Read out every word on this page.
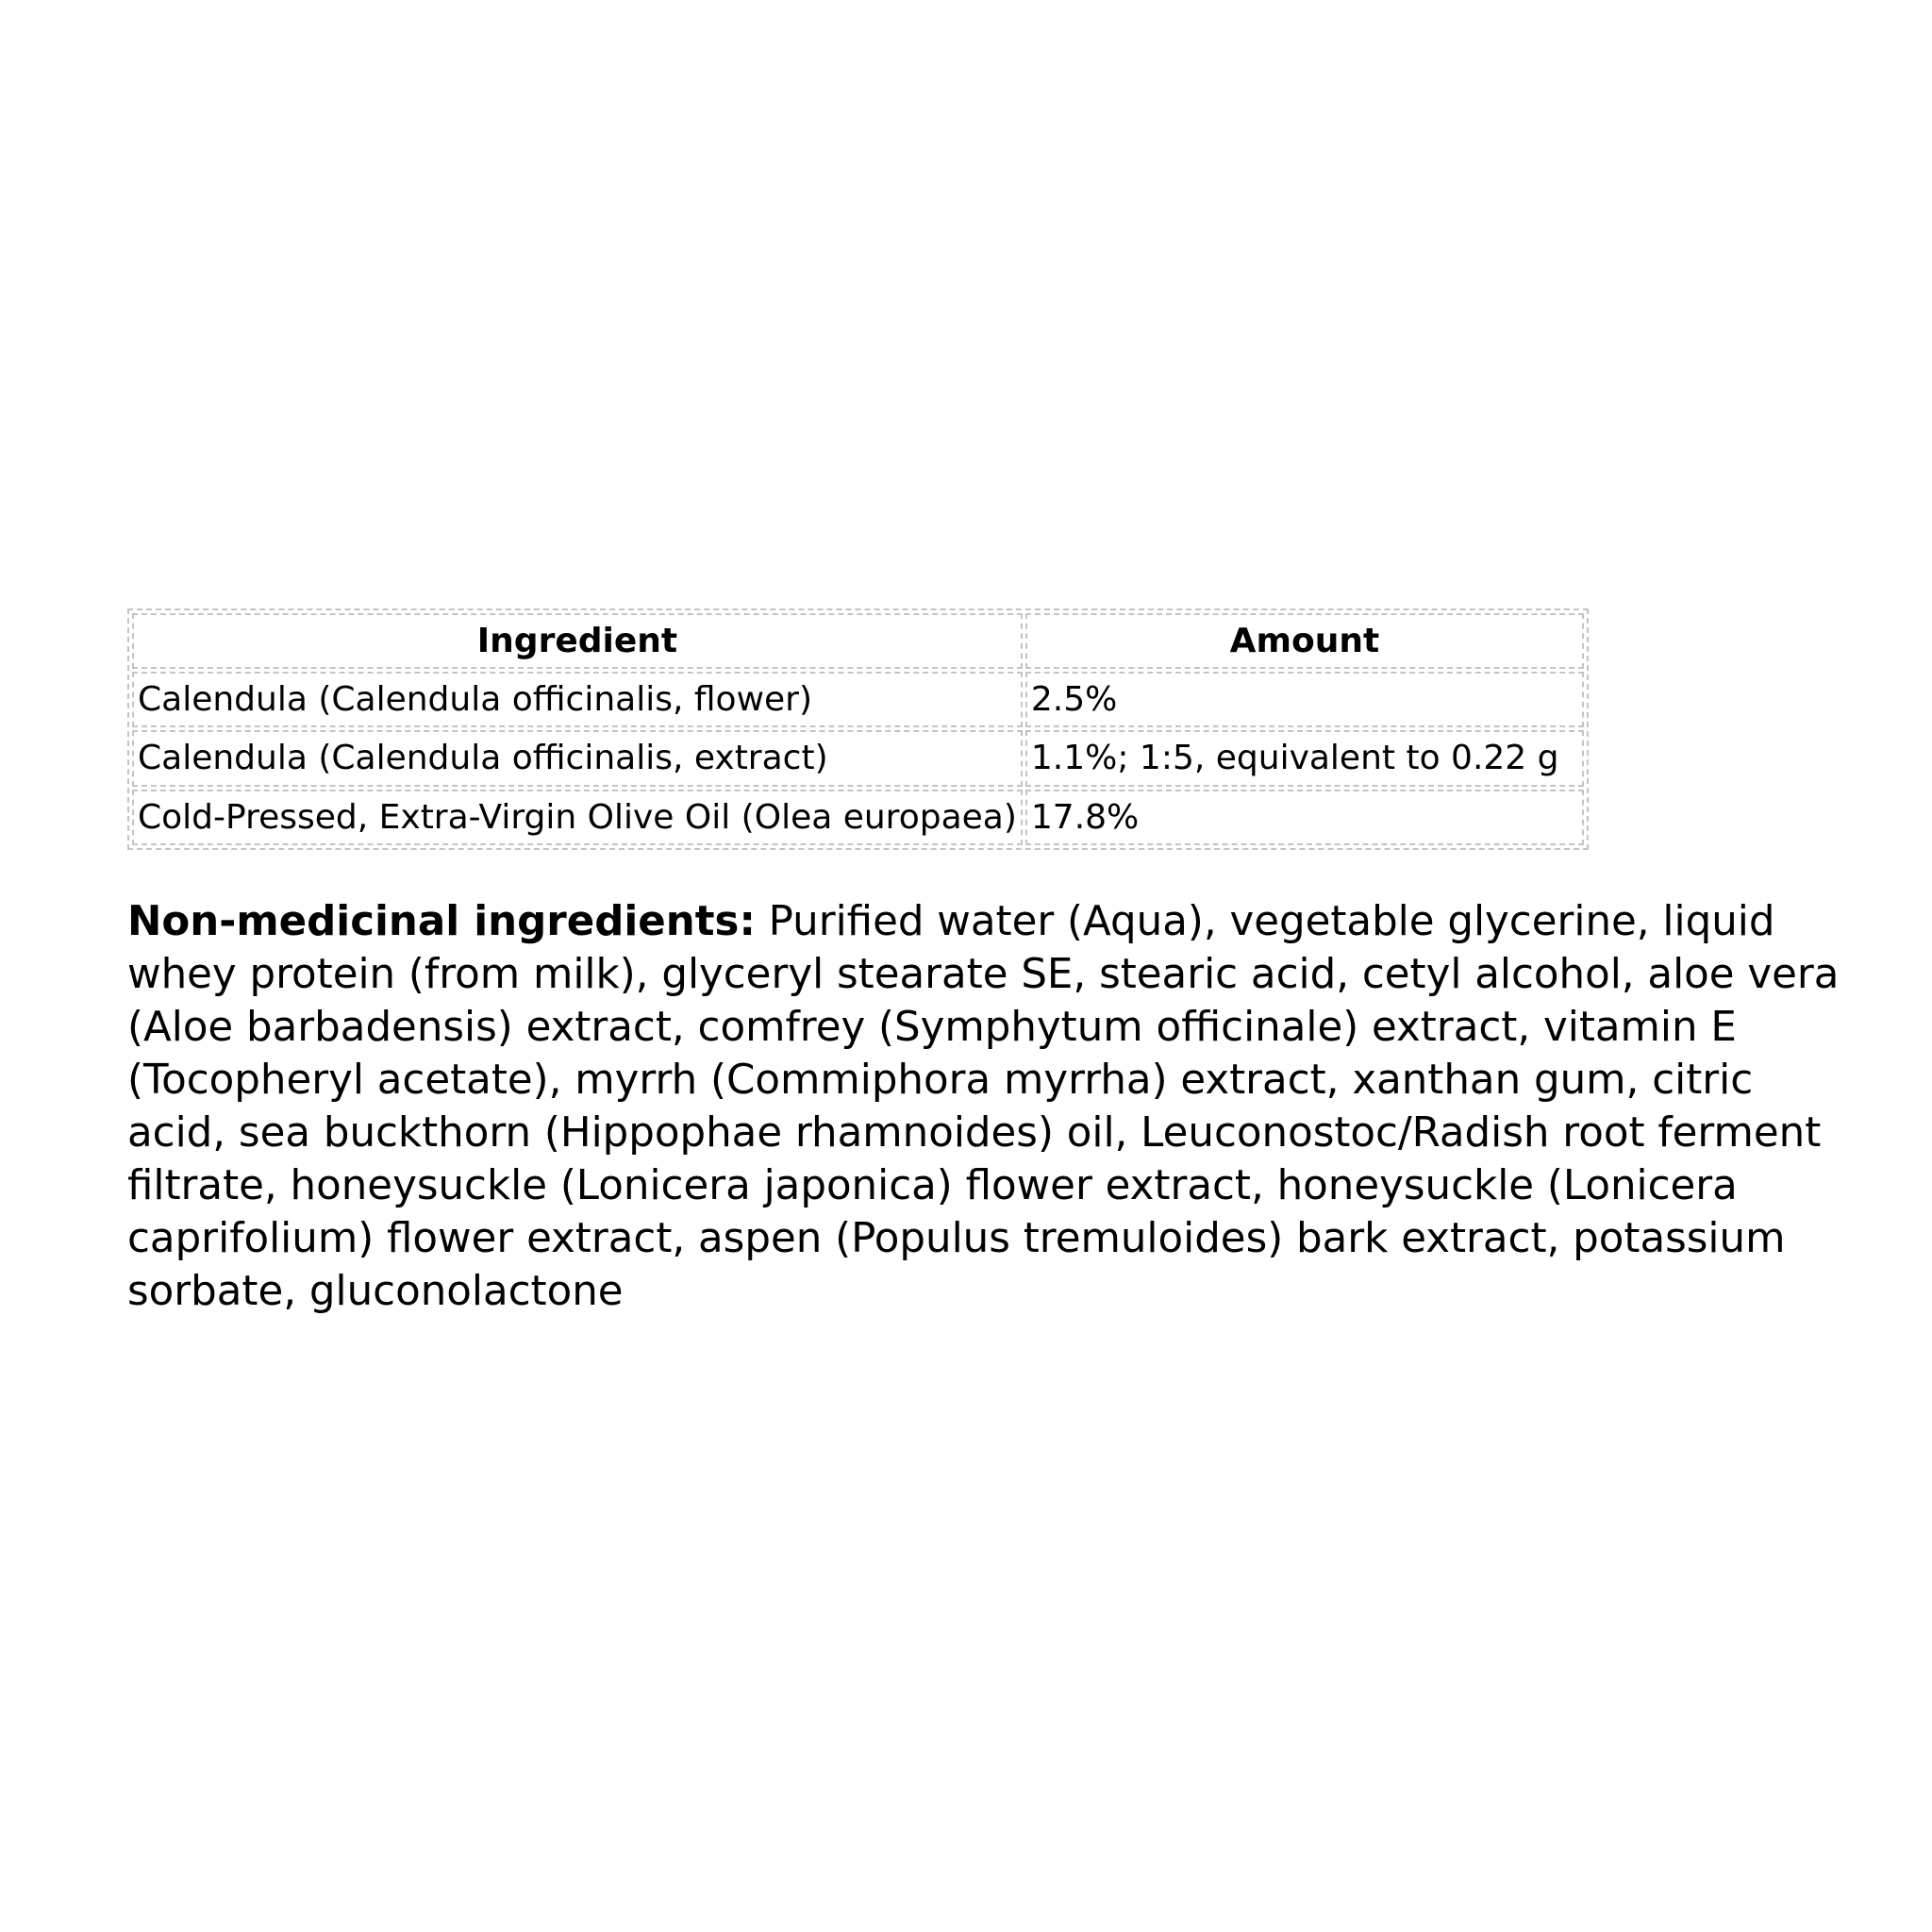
Ingredient	Amount
Calendula (Calendula officinalis, flower)	2.5%
Calendula (Calendula officinalis, extract)	1.1%; 1:5, equivalent to 0.22 g
Cold-Pressed, Extra-Virgin Olive Oil (Olea europaea)	17.8%

Non-medicinal ingredients: Purified water (Aqua), vegetable glycerine, liquid whey protein (from milk), glyceryl stearate SE, stearic acid, cetyl alcohol, aloe vera (Aloe barbadensis) extract, comfrey (Symphytum officinale) extract, vitamin E (Tocopheryl acetate), myrrh (Commiphora myrrha) extract, xanthan gum, citric acid, sea buckthorn (Hippophae rhamnoides) oil, Leuconostoc/Radish root ferment filtrate, honeysuckle (Lonicera japonica) flower extract, honeysuckle (Lonicera caprifolium) flower extract, aspen (Populus tremuloides) bark extract, potassium sorbate, gluconolactone
